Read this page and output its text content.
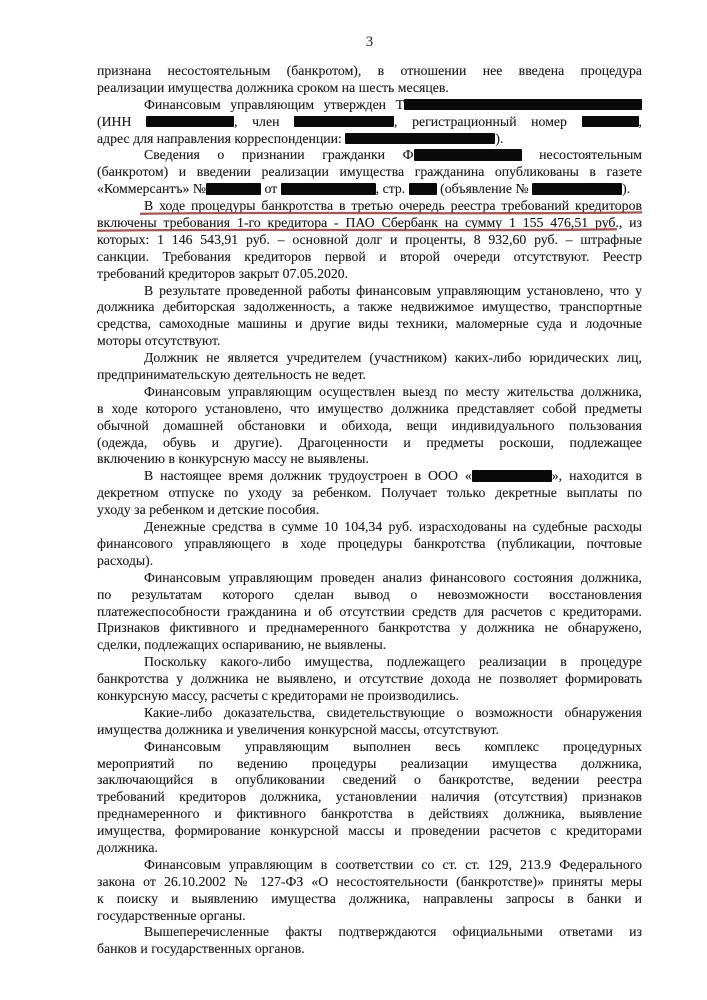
3
признана несостоятельным (банкротом), в отношении нее введена процедура
реализации имущества должника сроком на шесть месяцев.
Финансовым управляющим утвержден Т
(ИНН	, член	, регистрационный номер	,
адрес для направления корреспонденции:	).
Сведения о признании гражданки Ф	несостоятельным
(банкротом) и введении реализации имущества гражданина опубликованы в газете
«Коммерсантъ» №	от	, стр.  (объявление №	).
В ходе процедуры банкротства в третью очередь реестра требований кредиторов
включены требования 1-го кредитора - ПАО Сбербанк на сумму 1 155 476,51 руб., из
которых: 1 146 543,91 руб. – основной долг и проценты, 8 932,60 руб. – штрафные
санкции. Требования кредиторов первой и второй очереди отсутствуют. Реестр
требований кредиторов закрыт 07.05.2020.
В результате проведенной работы финансовым управляющим установлено, что у
должника дебиторская задолженность, а также недвижимое имущество, транспортные
средства, самоходные машины и другие виды техники, маломерные суда и лодочные
моторы отсутствуют.
Должник не является учредителем (участником) каких-либо юридических лиц,
предпринимательскую деятельность не ведет.
Финансовым управляющим осуществлен выезд по месту жительства должника,
в ходе которого установлено, что имущество должника представляет собой предметы
обычной домашней обстановки и обихода, вещи индивидуального пользования
(одежда, обувь и другие). Драгоценности и предметы роскоши, подлежащее
включению в конкурсную массу не выявлены.
В настоящее время должник трудоустроен в ООО «	», находится в
декретном отпуске по уходу за ребенком. Получает только декретные выплаты по
уходу за ребенком и детские пособия.
Денежные средства в сумме 10 104,34 руб. израсходованы на судебные расходы
финансового управляющего в ходе процедуры банкротства (публикации, почтовые
расходы).
Финансовым управляющим проведен анализ финансового состояния должника,
по результатам которого сделан вывод о невозможности восстановления
платежеспособности гражданина и об отсутствии средств для расчетов с кредиторами.
Признаков фиктивного и преднамеренного банкротства у должника не обнаружено,
сделки, подлежащих оспариванию, не выявлены.
Поскольку какого-либо имущества, подлежащего реализации в процедуре
банкротства у должника не выявлено, и отсутствие дохода не позволяет формировать
конкурсную массу, расчеты с кредиторами не производились.
Какие-либо доказательства, свидетельствующие о возможности обнаружения
имущества должника и увеличения конкурсной массы, отсутствуют.
Финансовым управляющим выполнен весь комплекс процедурных
мероприятий по ведению процедуры реализации имущества должника,
заключающийся в опубликовании сведений о банкротстве, ведении реестра
требований кредиторов должника, установлении наличия (отсутствия) признаков
преднамеренного и фиктивного банкротства в действиях должника, выявление
имущества, формирование конкурсной массы и проведении расчетов с кредиторами
должника.
Финансовым управляющим в соответствии со ст. ст. 129, 213.9 Федерального
закона от 26.10.2002 № 127-ФЗ «О несостоятельности (банкротстве)» приняты меры
к поиску и выявлению имущества должника, направлены запросы в банки и
государственные органы.
Вышеперечисленные факты подтверждаются официальными ответами из
банков и государственных органов.
